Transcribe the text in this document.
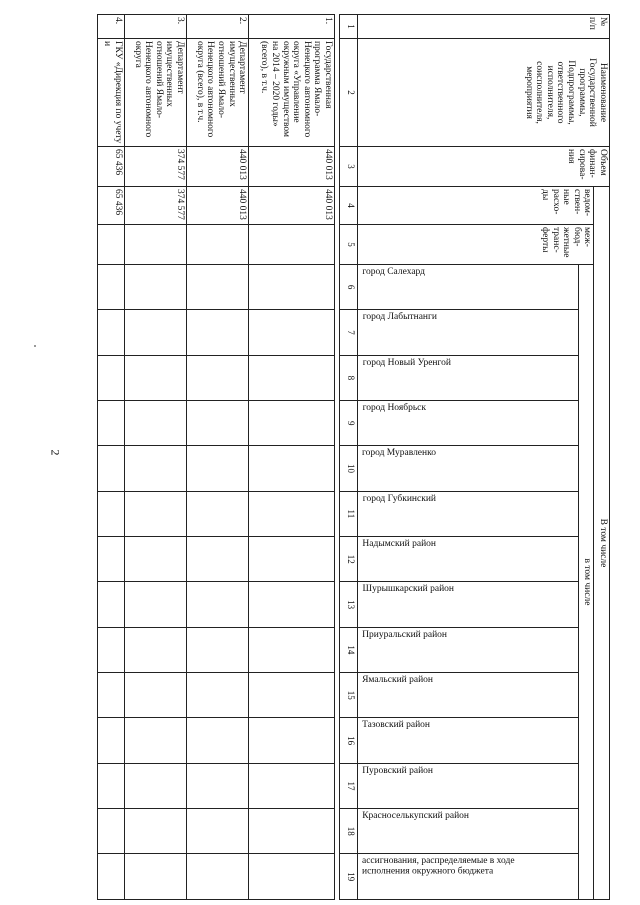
2
№ п/п	Наименование Государственной программы, Подпрограммы, ответственного исполнителя, соисполнителя, мероприятия	Объем финан-сирова-ния	В том числе															
			ведом-ствен-ные расхо-ды	меж-бюд-жетные транс-ферты	в том числе													

					город Салехард	город Лабытнанги	город Новый Уренгой	город Ноябрьск	город Муравленко	город Губкинский	Надымский район	Шурышкарский район	Приуральский район	Ямальский район	Тазовский район	Пуровский район	Красноселькупский район	ассигнования, распределяемые в ходе исполнения окружного бюджета

1	2	3	4	5	6	7	8	9	10	11	12	13	14	15	16	17	18	19

1.	Государственная программа Ямало-Ненецкого автономного округа «Управление окружным имуществом на 2014 – 2020 годы» (всего), в т.ч.	440 013	440 013															
2.	Департамент имущественных отношений Ямало-Ненецкого автономного округа (всего), в т.ч.	440 013	440 013															
3.	Департамент имущественных отношений Ямало-Ненецкого автономного округа	374 577	374 577															
4.	ГКУ «Дирекция по учету и	65 436	65 436															
